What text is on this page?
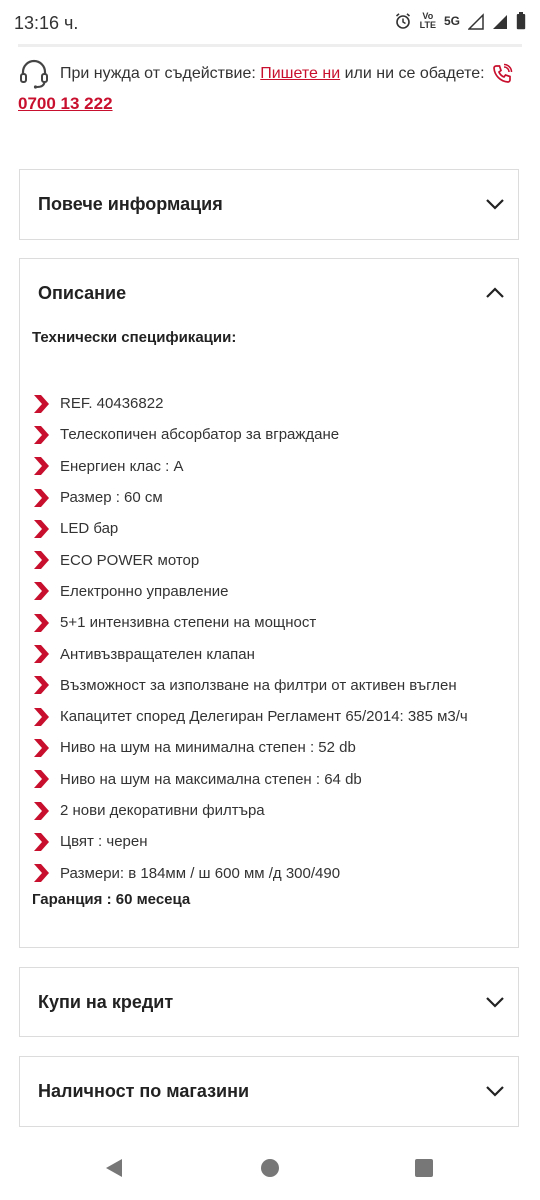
13:16 ч.	Vo
LTE 5G
При нужда от съдействие: Пишете ни или ни се обадете:
0700 13 222
Повече информация
Описание
Технически спецификации:
REF. 40436822
Телескопичен абсорбатор за вграждане
Енергиен клас : А
Размер : 60 см
LED бар
ECO POWER мотор
Електронно управление
5+1 интензивна степени на мощност
Антивъзвращателен клапан
Възможност за използване на филтри от активен въглен
Капацитет според Делегиран Регламент 65/2014: 385 м3/ч
Ниво на шум на минимална степен : 52 db
Ниво на шум на максимална степен : 64 db
2 нови декоративни филтъра
Цвят : черен
Размери: в 184мм / ш 600 мм /д 300/490
Гаранция : 60 месеца
Купи на кредит
Наличност по магазини
